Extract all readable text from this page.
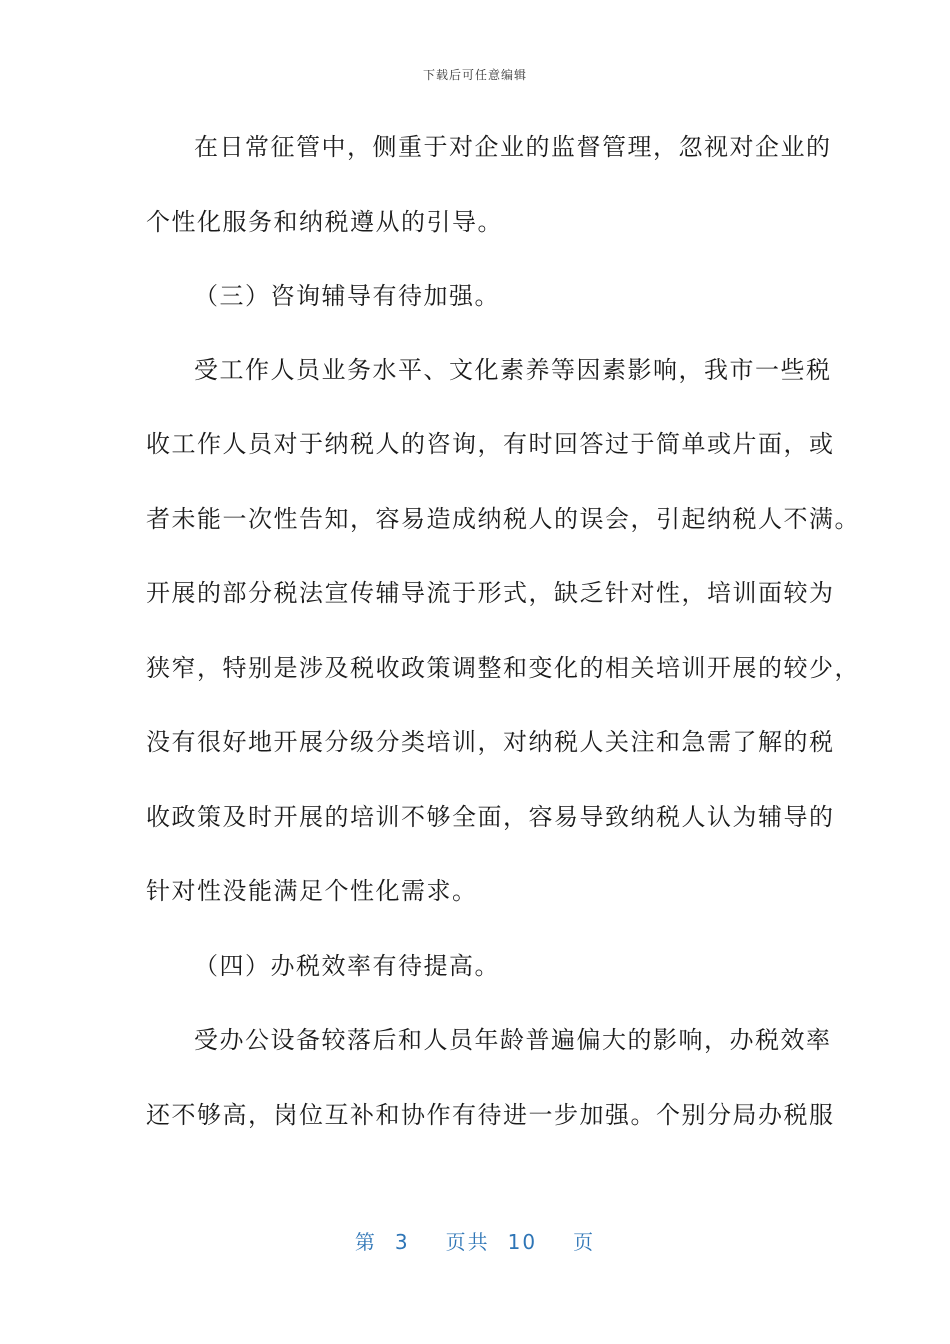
下载后可任意编辑
在日常征管中，侧重于对企业的监督管理，忽视对企业的
个性化服务和纳税遵从的引导。
（三）咨询辅导有待加强。
受工作人员业务水平、文化素养等因素影响，我市一些税
收工作人员对于纳税人的咨询，有时回答过于简单或片面，或
者未能一次性告知，容易造成纳税人的误会，引起纳税人不满。
开展的部分税法宣传辅导流于形式，缺乏针对性，培训面较为
狭窄，特别是涉及税收政策调整和变化的相关培训开展的较少，
没有很好地开展分级分类培训，对纳税人关注和急需了解的税
收政策及时开展的培训不够全面，容易导致纳税人认为辅导的
针对性没能满足个性化需求。
（四）办税效率有待提高。
受办公设备较落后和人员年龄普遍偏大的影响，办税效率
还不够高，岗位互补和协作有待进一步加强。个别分局办税服
第 3 页共 10 页
